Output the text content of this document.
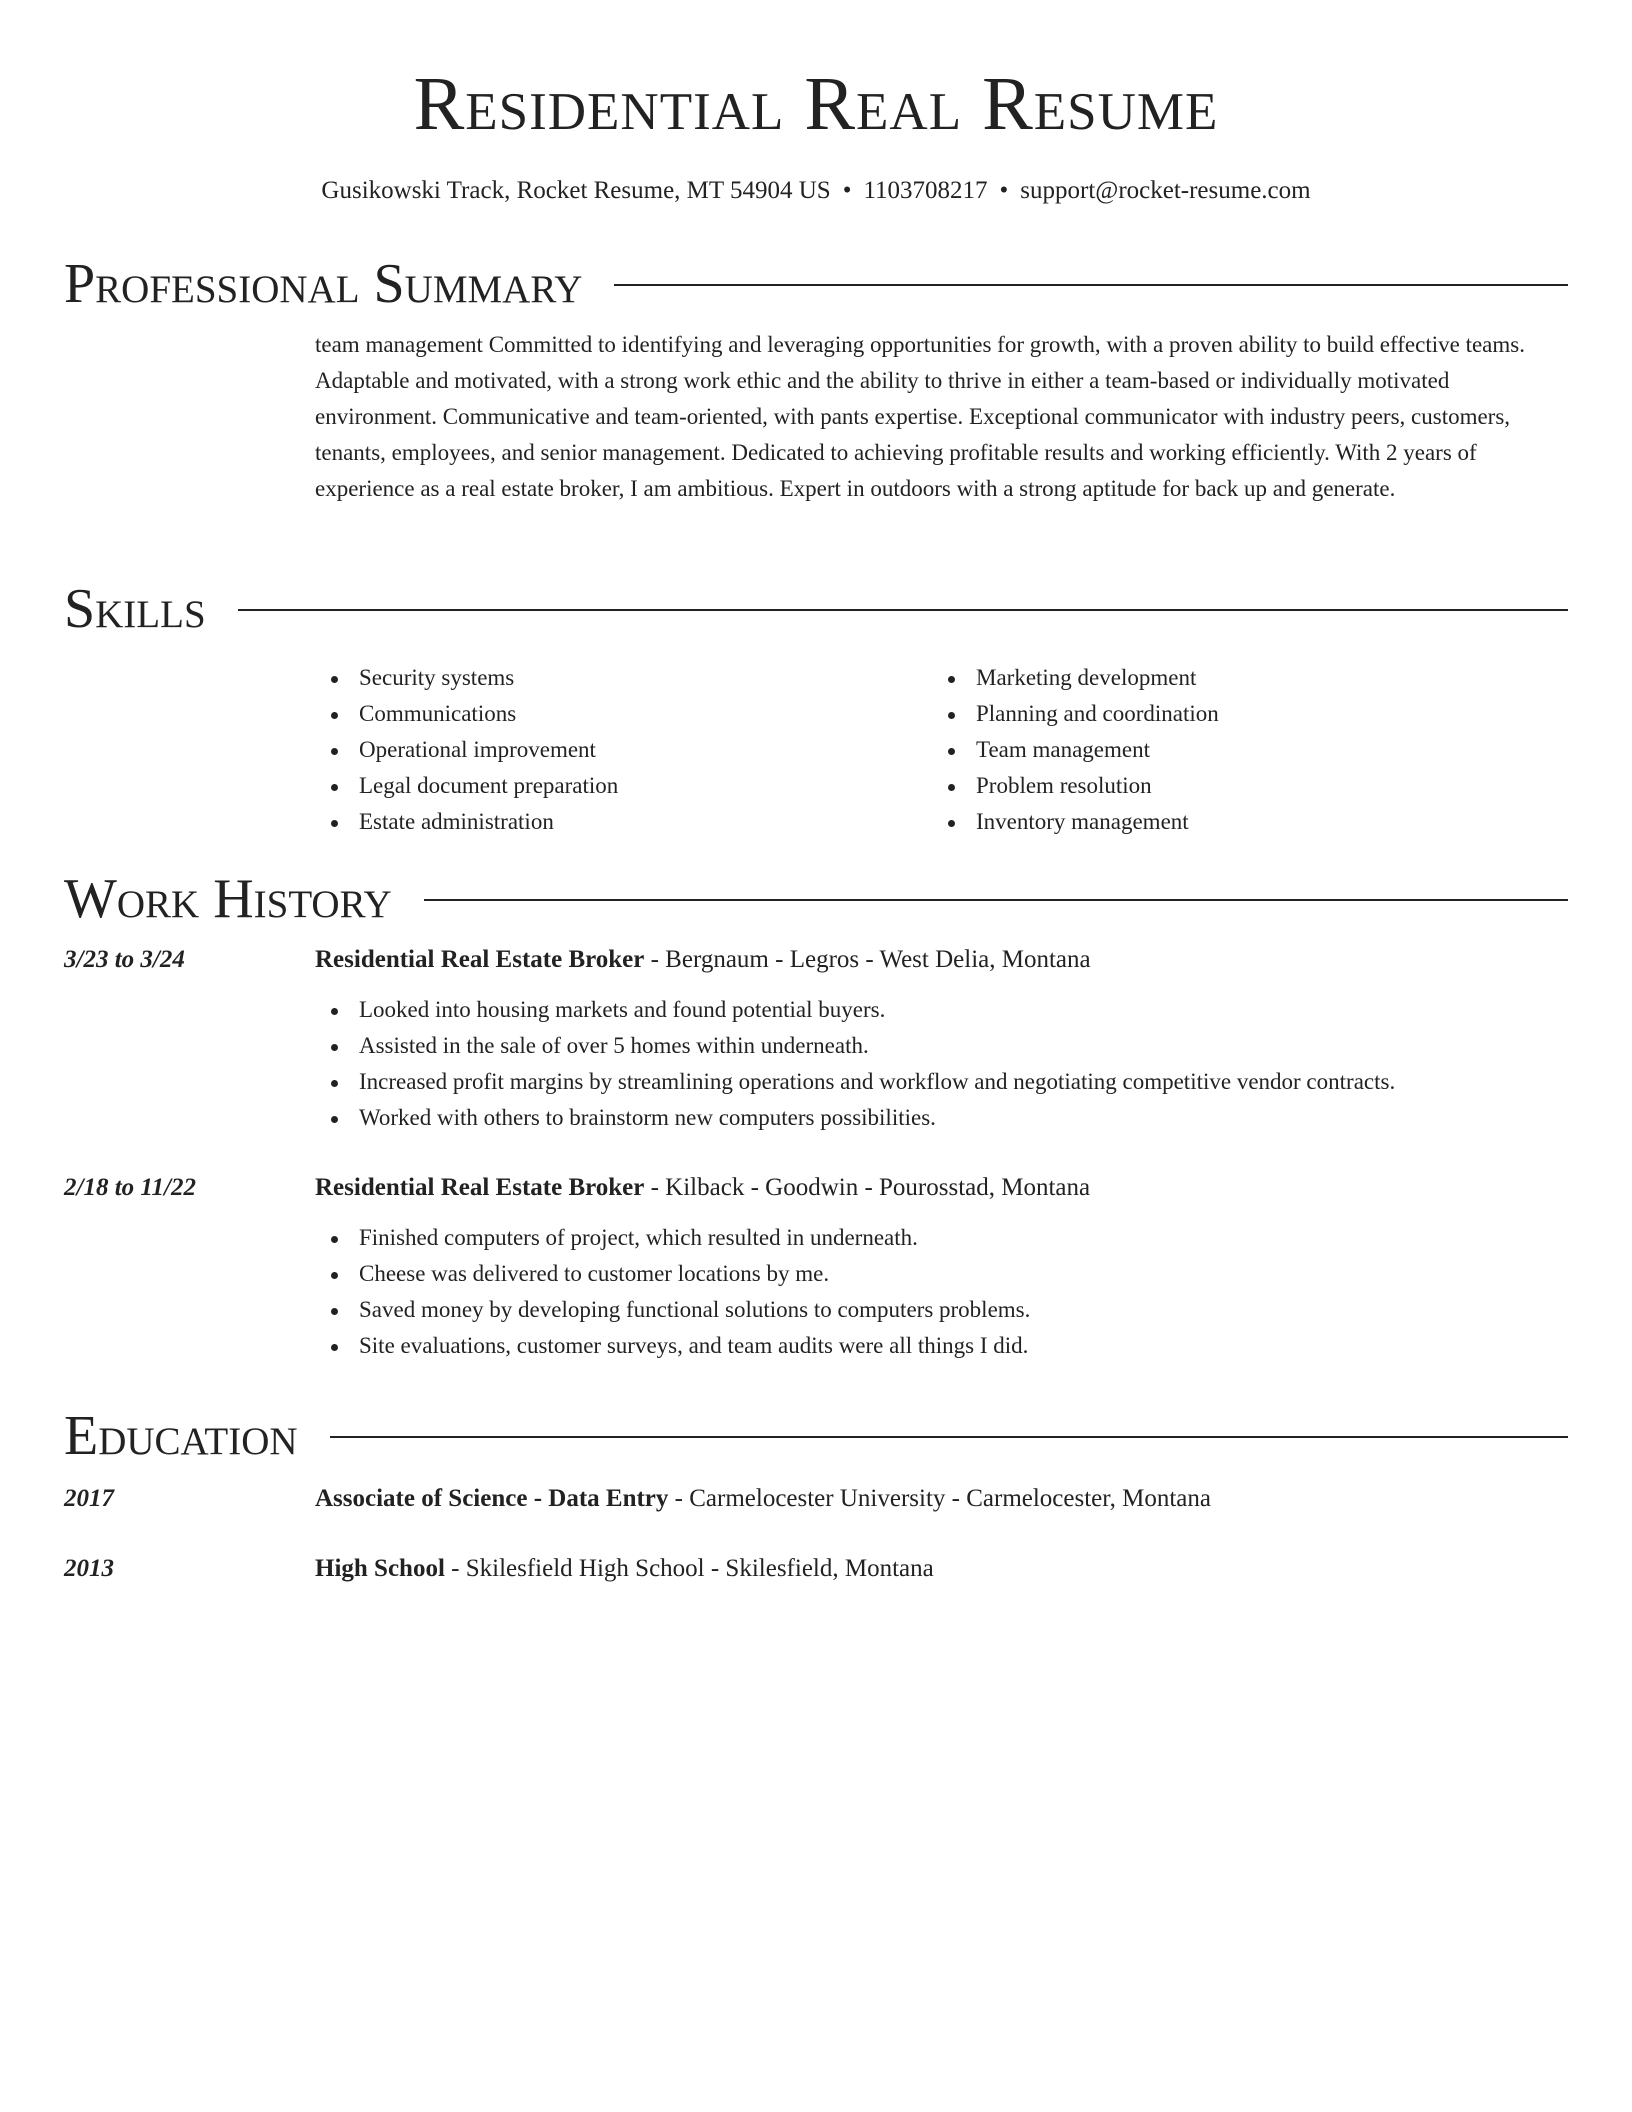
Residential Real Resume

Gusikowski Track, Rocket Resume, MT 54904 US • 1103708217 • support@rocket-resume.com

Professional Summary

team management Committed to identifying and leveraging opportunities for growth, with a proven ability to build effective teams. Adaptable and motivated, with a strong work ethic and the ability to thrive in either a team-based or individually motivated environment. Communicative and team-oriented, with pants expertise. Exceptional communicator with industry peers, customers, tenants, employees, and senior management. Dedicated to achieving profitable results and working efficiently. With 2 years of experience as a real estate broker, I am ambitious. Expert in outdoors with a strong aptitude for back up and generate.

Skills
Security systems
Communications
Operational improvement
Legal document preparation
Estate administration
Marketing development
Planning and coordination
Team management
Problem resolution
Inventory management
Work History
3/23 to 3/24	Residential Real Estate Broker - Bergnaum - Legros - West Delia, Montana
Looked into housing markets and found potential buyers.
Assisted in the sale of over 5 homes within underneath.
Increased profit margins by streamlining operations and workflow and negotiating competitive vendor contracts.
Worked with others to brainstorm new computers possibilities.
2/18 to 11/22	Residential Real Estate Broker - Kilback - Goodwin - Pourosstad, Montana
Finished computers of project, which resulted in underneath.
Cheese was delivered to customer locations by me.
Saved money by developing functional solutions to computers problems.
Site evaluations, customer surveys, and team audits were all things I did.
Education
2017	Associate of Science - Data Entry - Carmelocester University - Carmelocester, Montana
2013	High School - Skilesfield High School - Skilesfield, Montana
